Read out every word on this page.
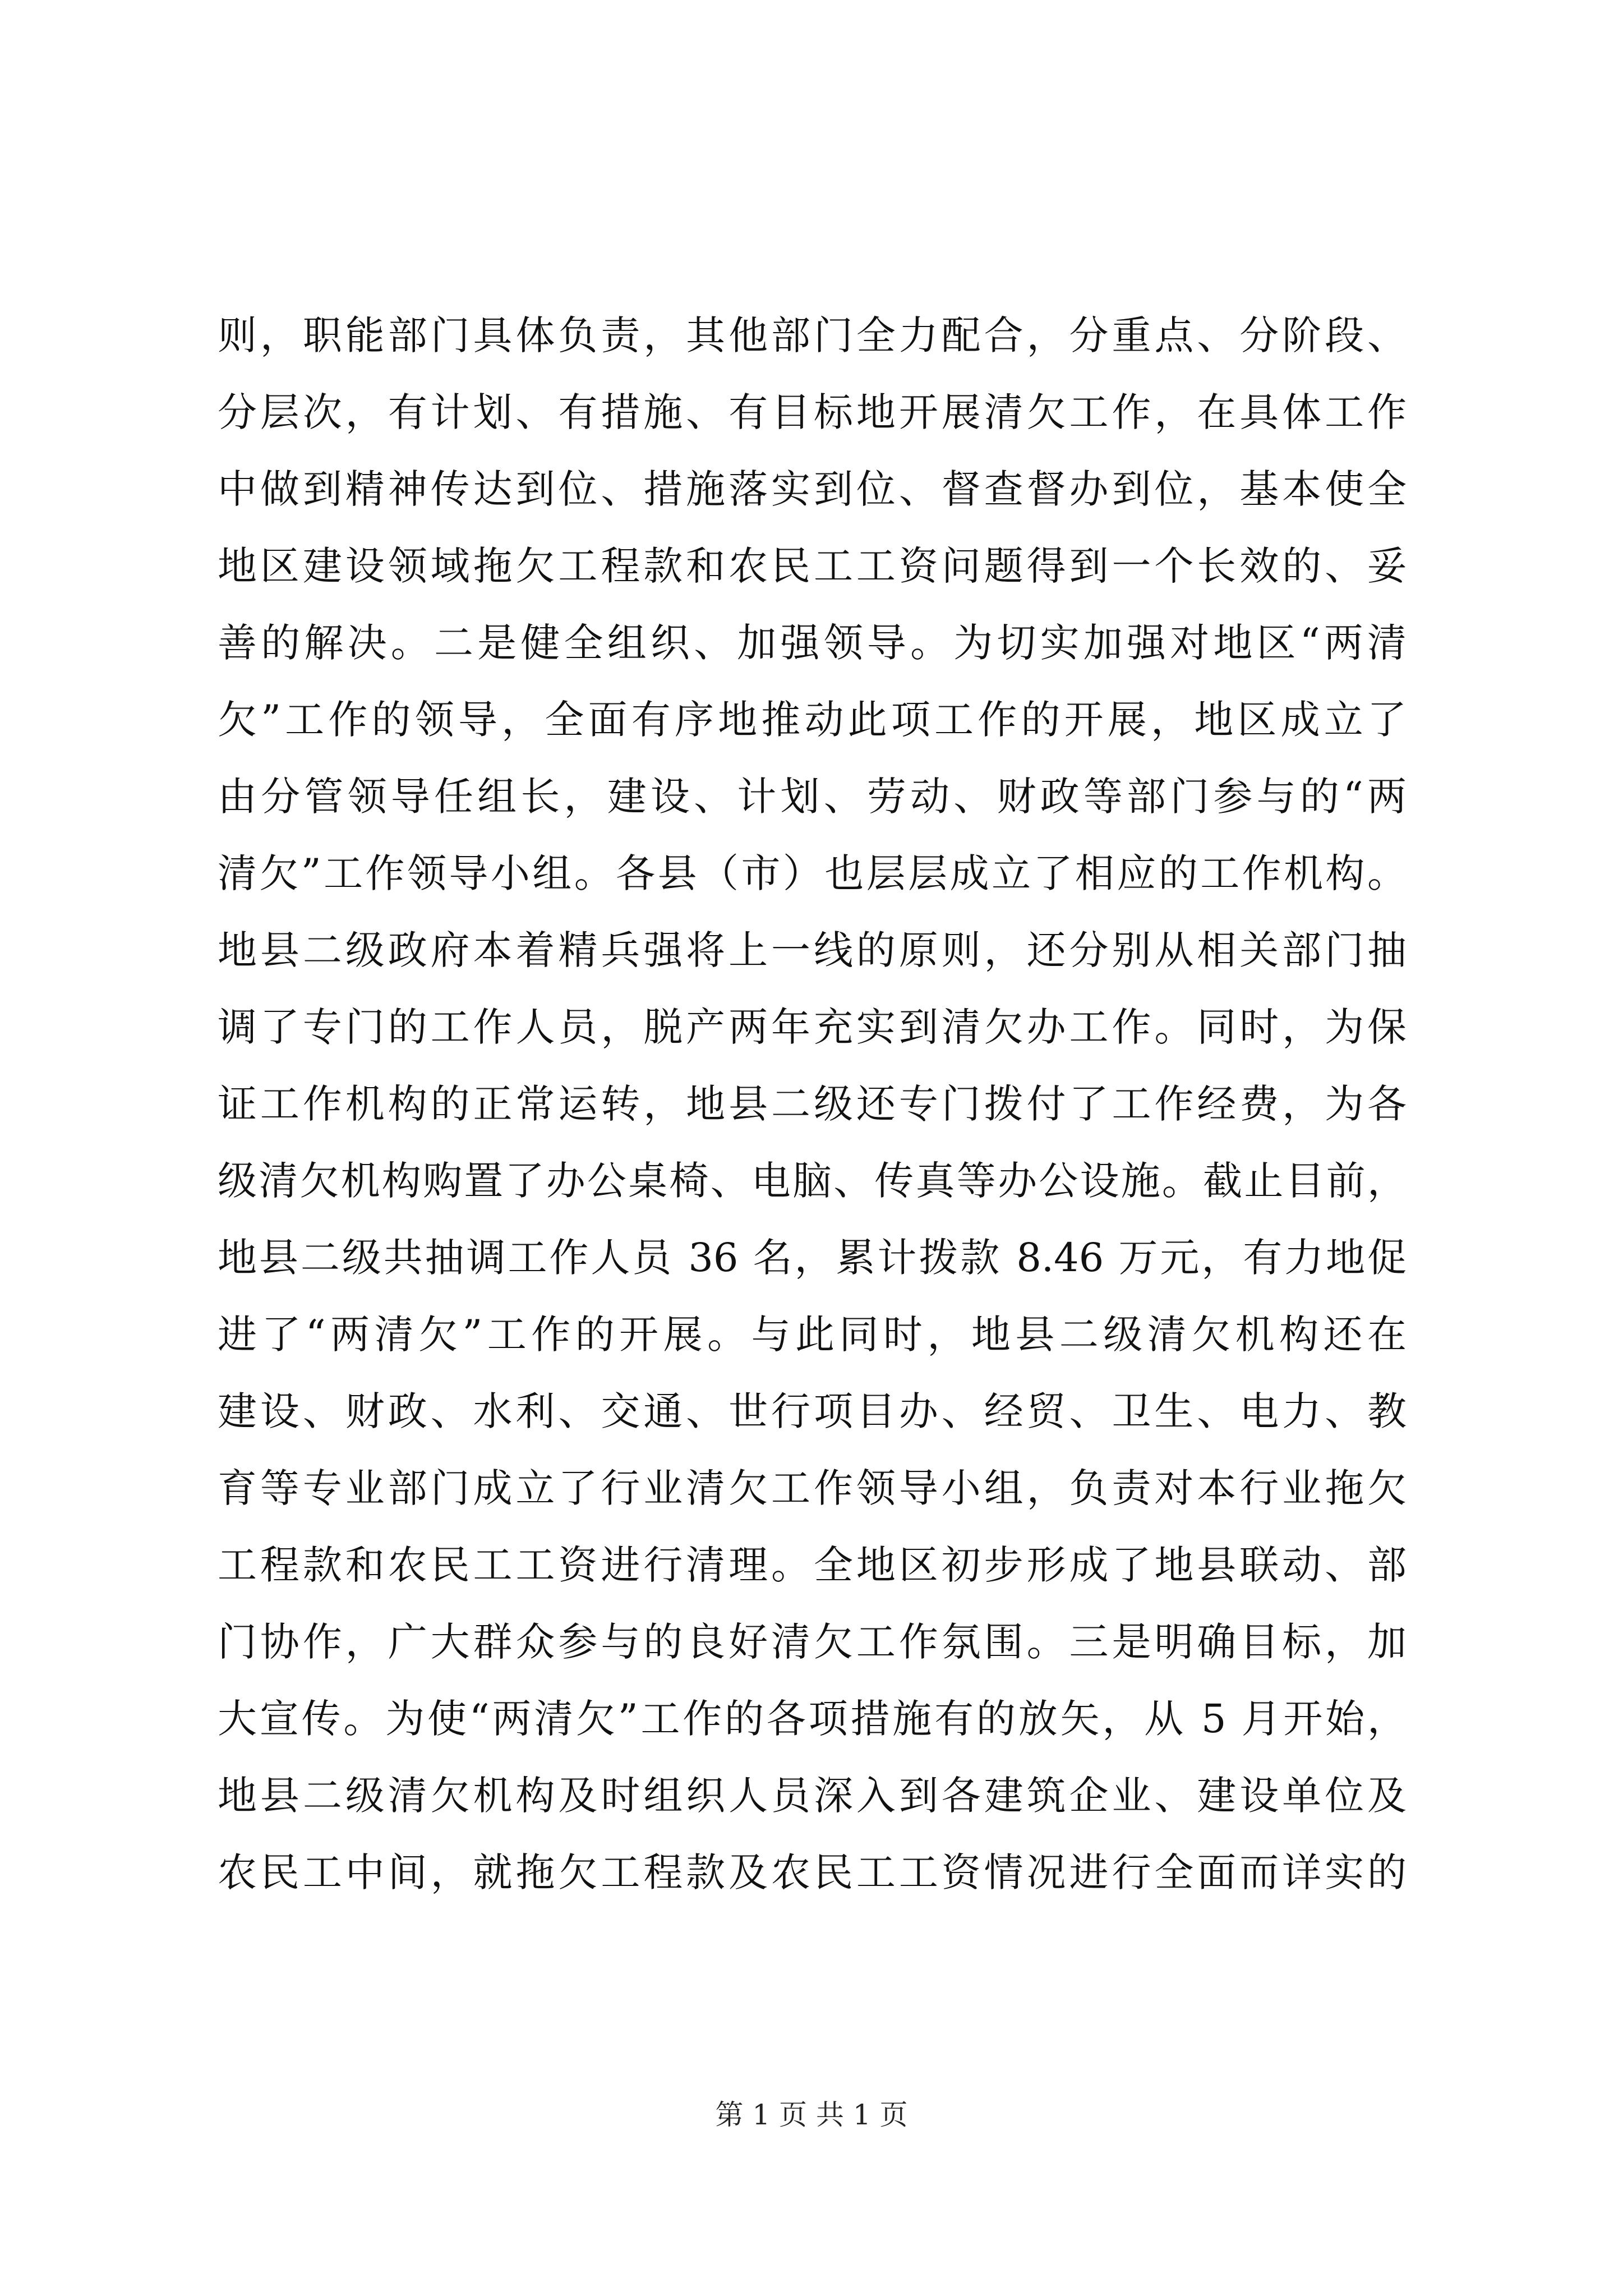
则，职能部门具体负责，其他部门全力配合，分重点、分阶段、
分层次，有计划、有措施、有目标地开展清欠工作，在具体工作
中做到精神传达到位、措施落实到位、督查督办到位，基本使全
地区建设领域拖欠工程款和农民工工资问题得到一个长效的、妥
善的解决。二是健全组织、加强领导。为切实加强对地区“两清
欠”工作的领导，全面有序地推动此项工作的开展，地区成立了
由分管领导任组长，建设、计划、劳动、财政等部门参与的“两
清欠”工作领导小组。各县（市）也层层成立了相应的工作机构。
地县二级政府本着精兵强将上一线的原则，还分别从相关部门抽
调了专门的工作人员，脱产两年充实到清欠办工作。同时，为保
证工作机构的正常运转，地县二级还专门拨付了工作经费，为各
级清欠机构购置了办公桌椅、电脑、传真等办公设施。截止目前，
地县二级共抽调工作人员 36 名，累计拨款 8.46 万元，有力地促
进了“两清欠”工作的开展。与此同时，地县二级清欠机构还在
建设、财政、水利、交通、世行项目办、经贸、卫生、电力、教
育等专业部门成立了行业清欠工作领导小组，负责对本行业拖欠
工程款和农民工工资进行清理。全地区初步形成了地县联动、部
门协作，广大群众参与的良好清欠工作氛围。三是明确目标，加
大宣传。为使“两清欠”工作的各项措施有的放矢，从 5 月开始，
地县二级清欠机构及时组织人员深入到各建筑企业、建设单位及
农民工中间，就拖欠工程款及农民工工资情况进行全面而详实的
第 1 页 共 1 页
